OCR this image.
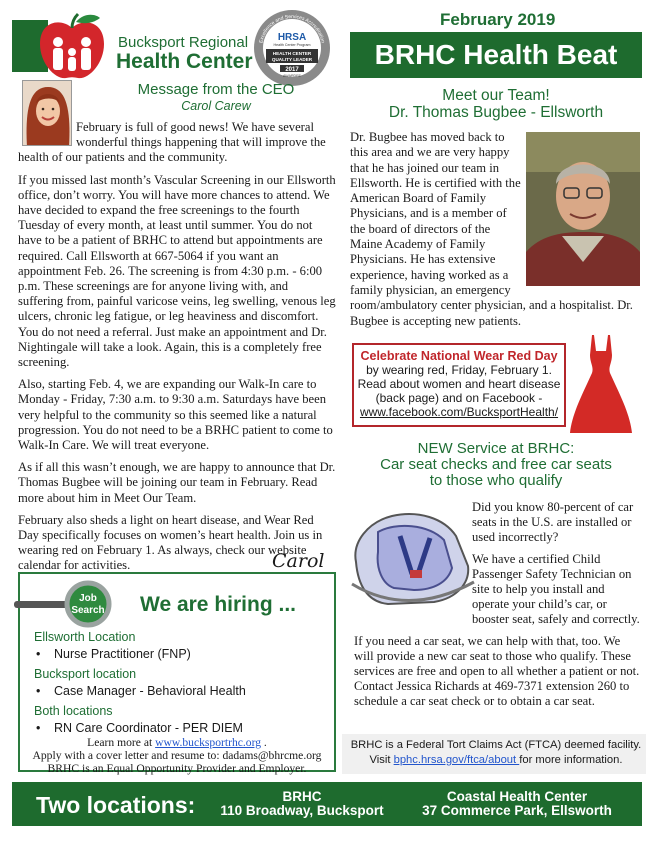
Bucksport Regional
Health Center
HRSA
Health Center Program
HEALTH CENTER
QUALITY LEADER
2017
AWARDEE
Excellence and Services Accreditation
February 2019
BRHC Health Beat
Message from the CEO
Carol Carew

February is full of good news! We have several wonderful things happening that will improve the health of our patients and the community.

If you missed last month’s Vascular Screening in our Ellsworth office, don’t worry. You will have more chances to attend. We have decided to expand the free screenings to the fourth Tuesday of every month, at least until summer. You do not have to be a patient of BRHC to attend but appointments are required. Call Ellsworth at 667-5064 if you want an appointment Feb. 26. The screening is from 4:30 p.m. - 6:00 p.m. These screenings are for anyone living with, and suffering from, painful varicose veins, leg swelling, venous leg ulcers, chronic leg fatigue, or leg heaviness and discomfort. You do not need a referral. Just make an appointment and Dr. Nightingale will take a look. Again, this is a completely free screening.

Also, starting Feb. 4, we are expanding our Walk-In care to Monday - Friday, 7:30 a.m. to 9:30 a.m. Saturdays have been very helpful to the community so this seemed like a natural progression. You do not need to be a BRHC patient to come to Walk-In Care. We will treat everyone.

As if all this wasn’t enough, we are happy to announce that Dr. Thomas Bugbee will be joining our team in February. Read more about him in Meet Our Team.

February also sheds a light on heart disease, and Wear Red Day specifically focuses on women’s heart health. Join us in wearing red on February 1. As always, check our website calendar for activities.	Carol
Job
Search We are hiring ...
Ellsworth Location
• Nurse Practitioner (FNP)
Bucksport location
• Case Manager - Behavioral Health
Both locations
• RN Care Coordinator - PER DIEM
Learn more at www.bucksportrhc.org .
Apply with a cover letter and resume to: dadams@bhrcme.org
BRHC is an Equal Opportunity Provider and Employer.
Meet our Team!
Dr. Thomas Bugbee - Ellsworth
Dr. Bugbee has moved back to this area and we are very happy that he has joined our team in Ellsworth. He is certified with the American Board of Family Physicians, and is a member of the board of directors of the Maine Academy of Family Physicians. He has extensive experience, having worked as a family physician, an emergency room/ambulatory center physician, and a hospitalist. Dr. Bugbee is accepting new patients.
Celebrate National Wear Red Day
by wearing red, Friday, February 1.
Read about women and heart disease
(back page) and on Facebook -
www.facebook.com/BucksportHealth/
NEW Service at BRHC:
Car seat checks and free car seats
to those who qualify

Did you know 80-percent of car seats in the U.S. are installed or used incorrectly?

We have a certified Child Passenger Safety Technician on site to help you install and operate your child’s car, or booster seat, safely and correctly.

If you need a car seat, we can help with that, too. We will provide a new car seat to those who qualify. These services are free and open to all whether a patient or not. Contact Jessica Richards at 469-7371 extension 260 to schedule a car seat check or to obtain a car seat.

BRHC is a Federal Tort Claims Act (FTCA) deemed facility.
Visit bphc.hrsa.gov/ftca/about for more information.
Two locations:	BRHC
110 Broadway, Bucksport
Coastal Health Center
37 Commerce Park, Ellsworth
